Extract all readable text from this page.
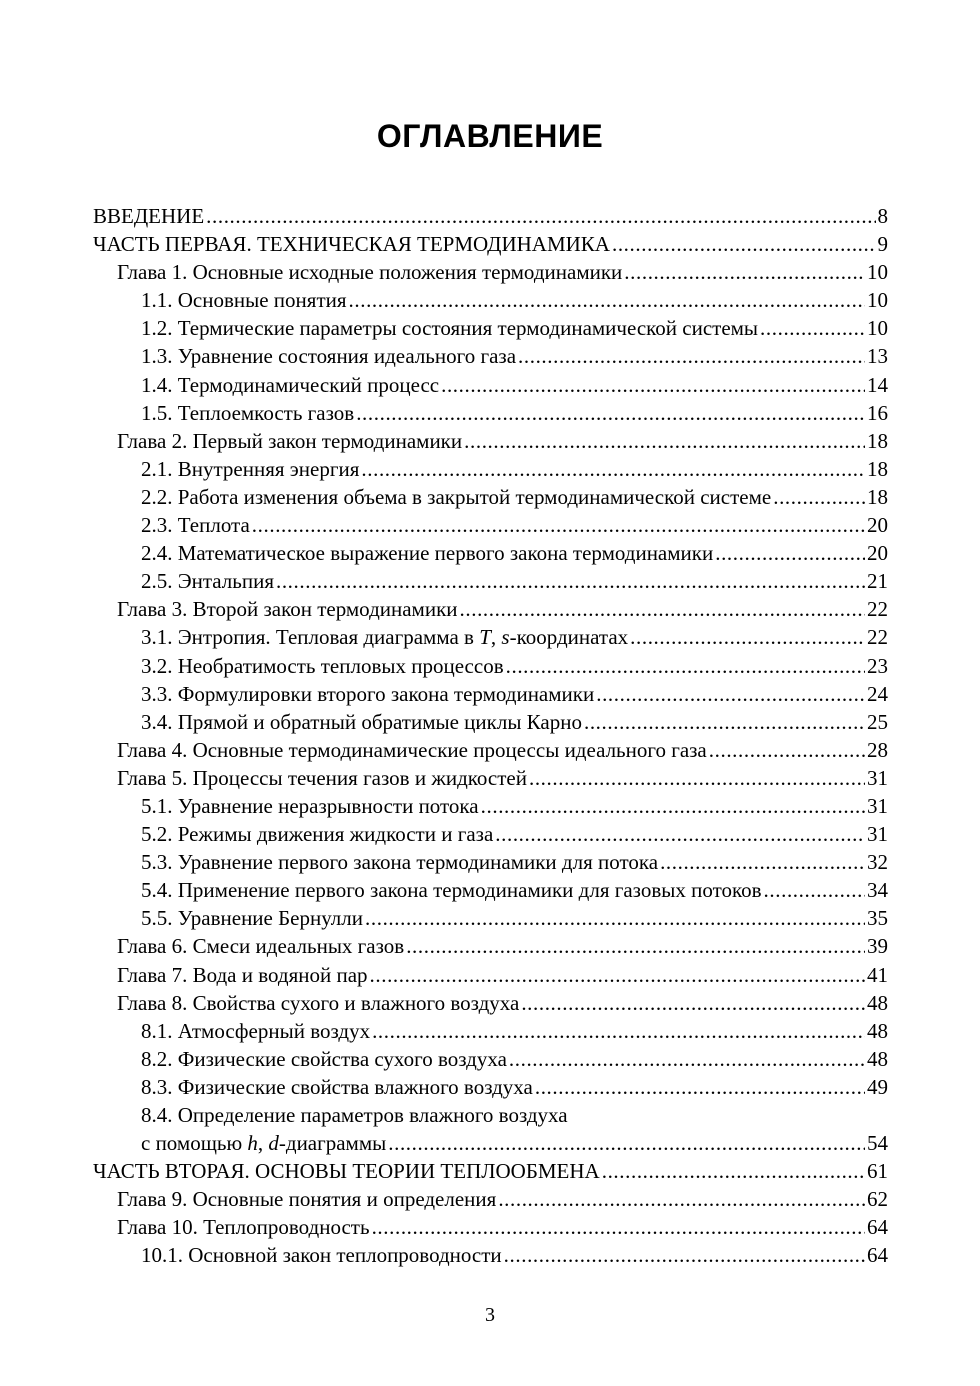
ОГЛАВЛЕНИЕ
ВВЕДЕНИЕ .....	8
ЧАСТЬ ПЕРВАЯ. ТЕХНИЧЕСКАЯ ТЕРМОДИНАМИКА .....	9
Глава 1. Основные исходные положения термодинамики .....	10
1.1. Основные понятия .....	10
1.2. Термические параметры состояния термодинамической системы .....	10
1.3. Уравнение состояния идеального газа .....	13
1.4. Термодинамический процесс .....	14
1.5. Теплоемкость газов .....	16
Глава 2. Первый закон термодинамики .....	18
2.1. Внутренняя энергия .....	18
2.2. Работа изменения объема в закрытой термодинамической системе .....	18
2.3. Теплота .....	20
2.4. Математическое выражение первого закона термодинамики .....	20
2.5. Энтальпия .....	21
Глава 3. Второй закон термодинамики .....	22
3.1. Энтропия. Тепловая диаграмма в T, s-координатах .....	22
3.2. Необратимость тепловых процессов .....	23
3.3. Формулировки второго закона термодинамики .....	24
3.4. Прямой и обратный обратимые циклы Карно .....	25
Глава 4. Основные термодинамические процессы идеального газа .....	28
Глава 5. Процессы течения газов и жидкостей .....	31
5.1. Уравнение неразрывности потока .....	31
5.2. Режимы движения жидкости и газа .....	31
5.3. Уравнение первого закона термодинамики для потока .....	32
5.4. Применение первого закона термодинамики для газовых потоков .....	34
5.5. Уравнение Бернулли .....	35
Глава 6. Смеси идеальных газов .....	39
Глава 7. Вода и водяной пар .....	41
Глава 8. Свойства сухого и влажного воздуха .....	48
8.1. Атмосферный воздух .....	48
8.2. Физические свойства сухого воздуха .....	48
8.3. Физические свойства влажного воздуха .....	49
8.4. Определение параметров влажного воздуха
с помощью h, d-диаграммы .....	54
ЧАСТЬ ВТОРАЯ. ОСНОВЫ ТЕОРИИ ТЕПЛООБМЕНА .....	61
Глава 9. Основные понятия и определения .....	62
Глава 10. Теплопроводность .....	64
10.1. Основной закон теплопроводности .....	64
3
